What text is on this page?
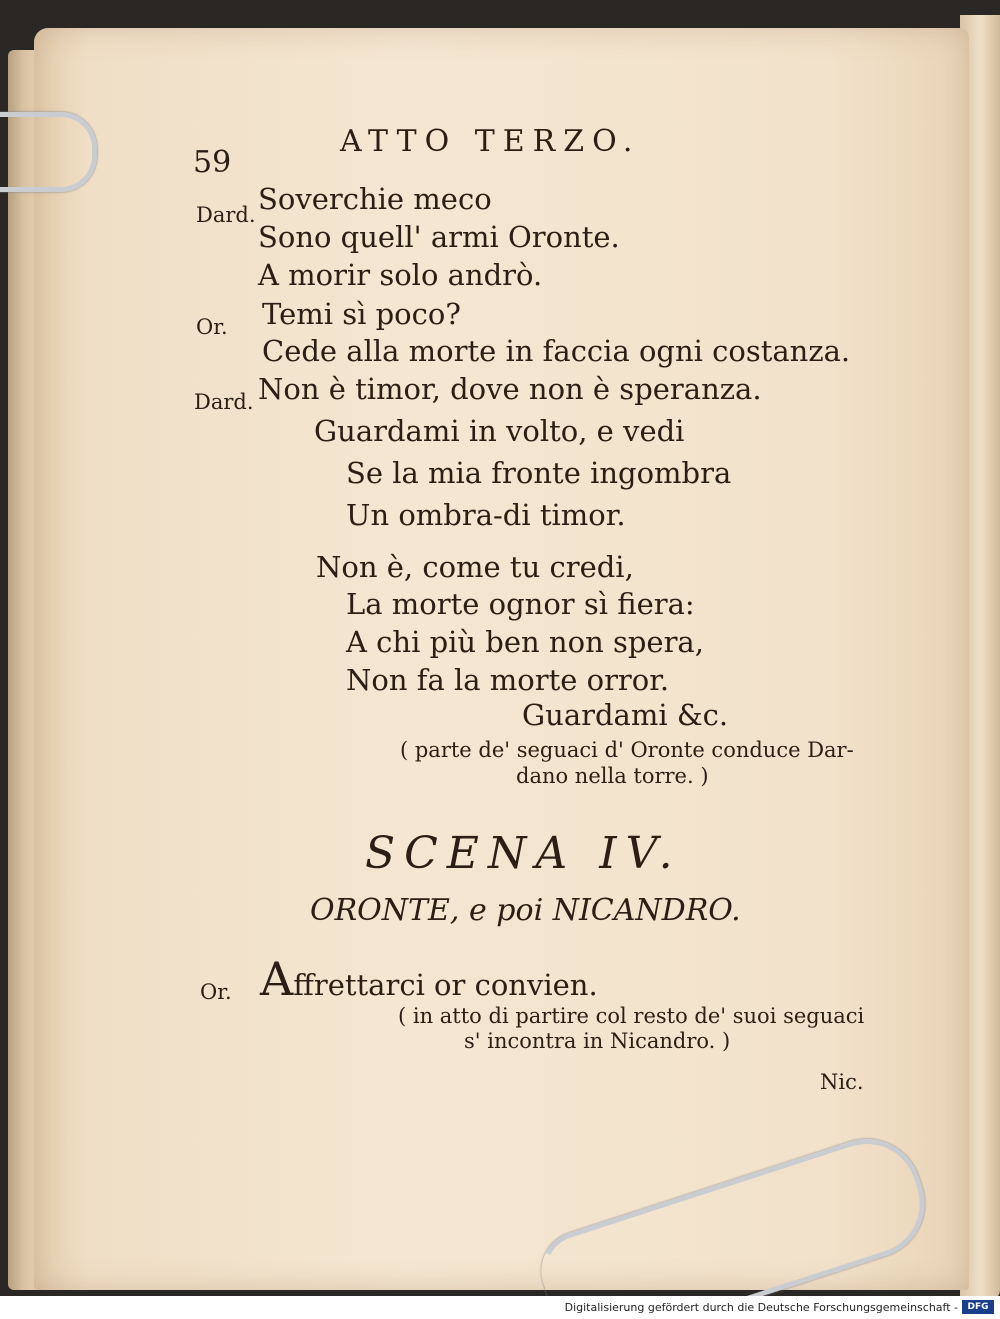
59
ATTO TERZO.
Dard. Soverchie meco
Sono quell' armi Oronte.
A morir solo andrò.
Or. Temi sì poco?
Cede alla morte in faccia ogni costanza.
Dard. Non è timor, dove non è speranza.
Guardami in volto, e vedi
Se la mia fronte ingombra
Un ombra-di timor.
Non è, come tu credi,
La morte ognor sì fiera:
A chi più ben non spera,
Non fa la morte orror.
Guardami &c.
( parte de' seguaci d' Oronte conduce Dar-
dano nella torre. )
SCENA IV.
ORONTE, e poi NICANDRO.
Or. Affrettarci or convien.
( in atto di partire col resto de' suoi seguaci
s' incontra in Nicandro. )
Nic.
Digitalisierung gefördert durch die Deutsche Forschungsgemeinschaft -	DFG
